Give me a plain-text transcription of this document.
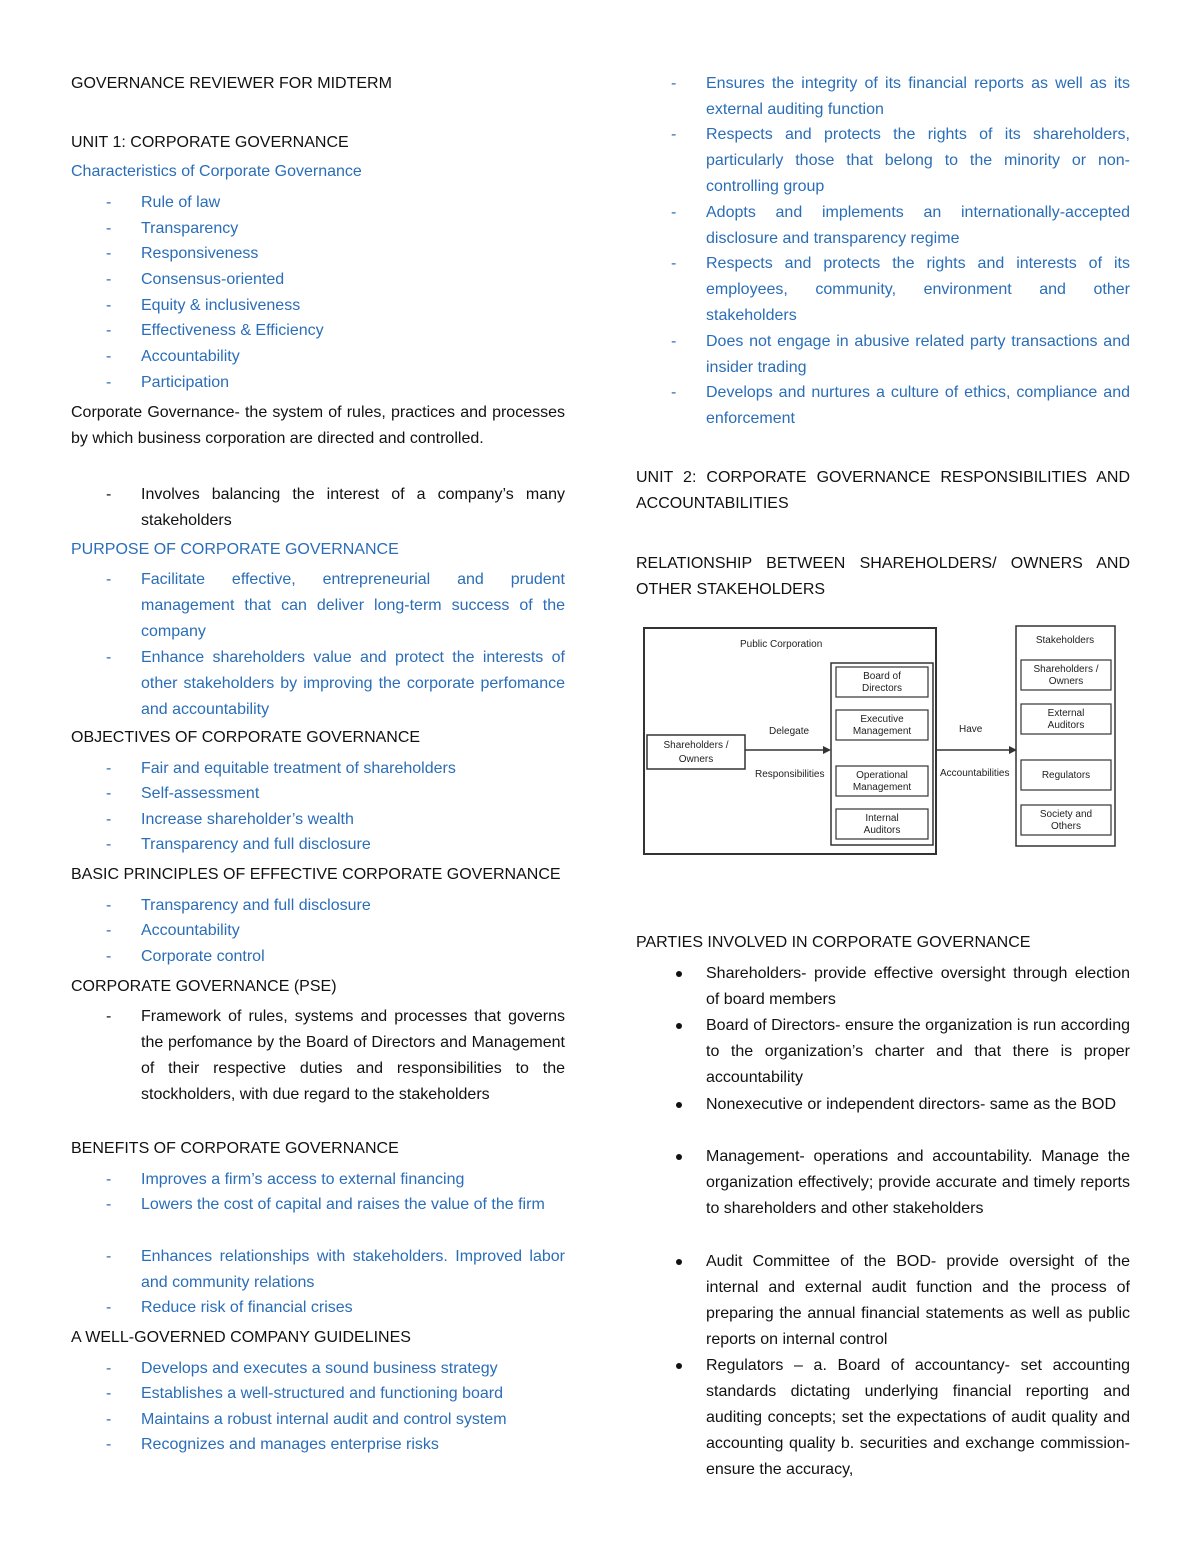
GOVERNANCE REVIEWER FOR MIDTERM
UNIT 1: CORPORATE GOVERNANCE
Characteristics of Corporate Governance
-	Rule of law
-	Transparency
-	Responsiveness
-	Consensus-oriented
-	Equity & inclusiveness
-	Effectiveness & Efficiency
-	Accountability
-	Participation
Corporate Governance- the system of rules, practices and processes by which business corporation are directed and controlled.
-	Involves balancing the interest of a company’s many stakeholders
PURPOSE OF CORPORATE GOVERNANCE
-	Facilitate effective, entrepreneurial and prudent management that can deliver long-term success of the company
-	Enhance shareholders value and protect the interests of other stakeholders by improving the corporate perfomance and accountability
OBJECTIVES OF CORPORATE GOVERNANCE
-	Fair and equitable treatment of shareholders
-	Self-assessment
-	Increase shareholder’s wealth
-	Transparency and full disclosure
BASIC PRINCIPLES OF EFFECTIVE CORPORATE GOVERNANCE
-	Transparency and full disclosure
-	Accountability
-	Corporate control
CORPORATE GOVERNANCE (PSE)
-	Framework of rules, systems and processes that governs the perfomance by the Board of Directors and Management of their respective duties and responsibilities to the stockholders, with due regard to the stakeholders
BENEFITS OF CORPORATE GOVERNANCE
-	Improves a firm’s access to external financing
-	Lowers the cost of capital and raises the value of the firm
-	Enhances relationships with stakeholders. Improved labor and community relations
-	Reduce risk of financial crises
A WELL-GOVERNED COMPANY GUIDELINES
-	Develops and executes a sound business strategy
-	Establishes a well-structured and functioning board
-	Maintains a robust internal audit and control system
-	Recognizes and manages enterprise risks
-	Ensures the integrity of its financial reports as well as its external auditing function
-	Respects and protects the rights of its shareholders, particularly those that belong to the minority or non-controlling group
-	Adopts and implements an internationally-accepted disclosure and transparency regime
-	Respects and protects the rights and interests of its employees, community, environment and other stakeholders
-	Does not engage in abusive related party transactions and insider trading
-	Develops and nurtures a culture of ethics, compliance and enforcement
UNIT 2: CORPORATE GOVERNANCE RESPONSIBILITIES AND ACCOUNTABILITIES
RELATIONSHIP BETWEEN SHAREHOLDERS/ OWNERS AND OTHER STAKEHOLDERS
PARTIES INVOLVED IN CORPORATE GOVERNANCE
Shareholders- provide effective oversight through election of board members
Board of Directors- ensure the organization is run according to the organization’s charter and that there is proper accountability
Nonexecutive or independent directors- same as the BOD
Management- operations and accountability. Manage the organization effectively; provide accurate and timely reports to shareholders and other stakeholders
Audit Committee of the BOD- provide oversight of the internal and external audit function and the process of preparing the annual financial statements as well as public reports on internal control
Regulators – a. Board of accountancy- set accounting standards dictating underlying financial reporting and auditing concepts; set the expectations of audit quality and accounting quality b. securities and exchange commission- ensure the accuracy,
Public Corporation
Shareholders /
Owners
Delegate
Responsibilities
Board of
Directors
Executive
Management
Operational
Management
Internal
Auditors
Have
Accountabilities
Stakeholders
Shareholders /
Owners
External
Auditors
Regulators
Society and
Others
